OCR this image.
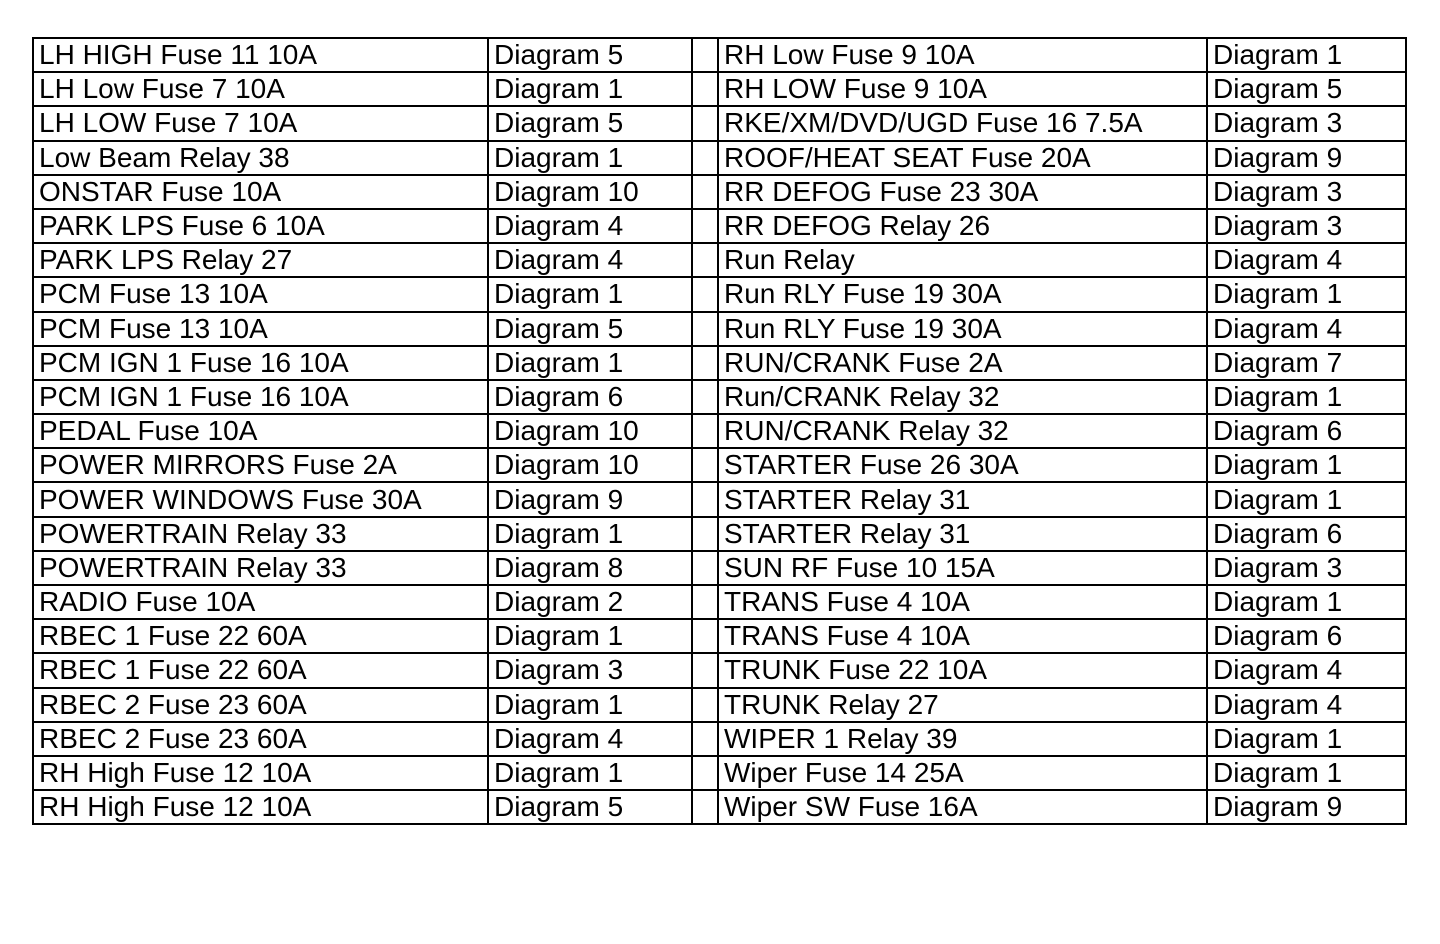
LH HIGH Fuse 11 10A	Diagram 5		RH Low Fuse 9 10A	Diagram 1
LH Low Fuse 7 10A	Diagram 1		RH LOW Fuse 9 10A	Diagram 5
LH LOW Fuse 7 10A	Diagram 5		RKE/XM/DVD/UGD Fuse 16 7.5A	Diagram 3
Low Beam Relay 38	Diagram 1		ROOF/HEAT SEAT Fuse 20A	Diagram 9
ONSTAR Fuse 10A	Diagram 10		RR DEFOG Fuse 23 30A	Diagram 3
PARK LPS Fuse 6 10A	Diagram 4		RR DEFOG Relay 26	Diagram 3
PARK LPS Relay 27	Diagram 4		Run Relay	Diagram 4
PCM Fuse 13 10A	Diagram 1		Run RLY Fuse 19 30A	Diagram 1
PCM Fuse 13 10A	Diagram 5		Run RLY Fuse 19 30A	Diagram 4
PCM IGN 1 Fuse 16 10A	Diagram 1		RUN/CRANK Fuse 2A	Diagram 7
PCM IGN 1 Fuse 16 10A	Diagram 6		Run/CRANK Relay 32	Diagram 1
PEDAL Fuse 10A	Diagram 10		RUN/CRANK Relay 32	Diagram 6
POWER MIRRORS Fuse 2A	Diagram 10		STARTER Fuse 26 30A	Diagram 1
POWER WINDOWS Fuse 30A	Diagram 9		STARTER Relay 31	Diagram 1
POWERTRAIN Relay 33	Diagram 1		STARTER Relay 31	Diagram 6
POWERTRAIN Relay 33	Diagram 8		SUN RF Fuse 10 15A	Diagram 3
RADIO Fuse 10A	Diagram 2		TRANS Fuse 4 10A	Diagram 1
RBEC 1 Fuse 22 60A	Diagram 1		TRANS Fuse 4 10A	Diagram 6
RBEC 1 Fuse 22 60A	Diagram 3		TRUNK Fuse 22 10A	Diagram 4
RBEC 2 Fuse 23 60A	Diagram 1		TRUNK Relay 27	Diagram 4
RBEC 2 Fuse 23 60A	Diagram 4		WIPER 1 Relay 39	Diagram 1
RH High Fuse 12 10A	Diagram 1		Wiper Fuse 14 25A	Diagram 1
RH High Fuse 12 10A	Diagram 5		Wiper SW Fuse 16A	Diagram 9
